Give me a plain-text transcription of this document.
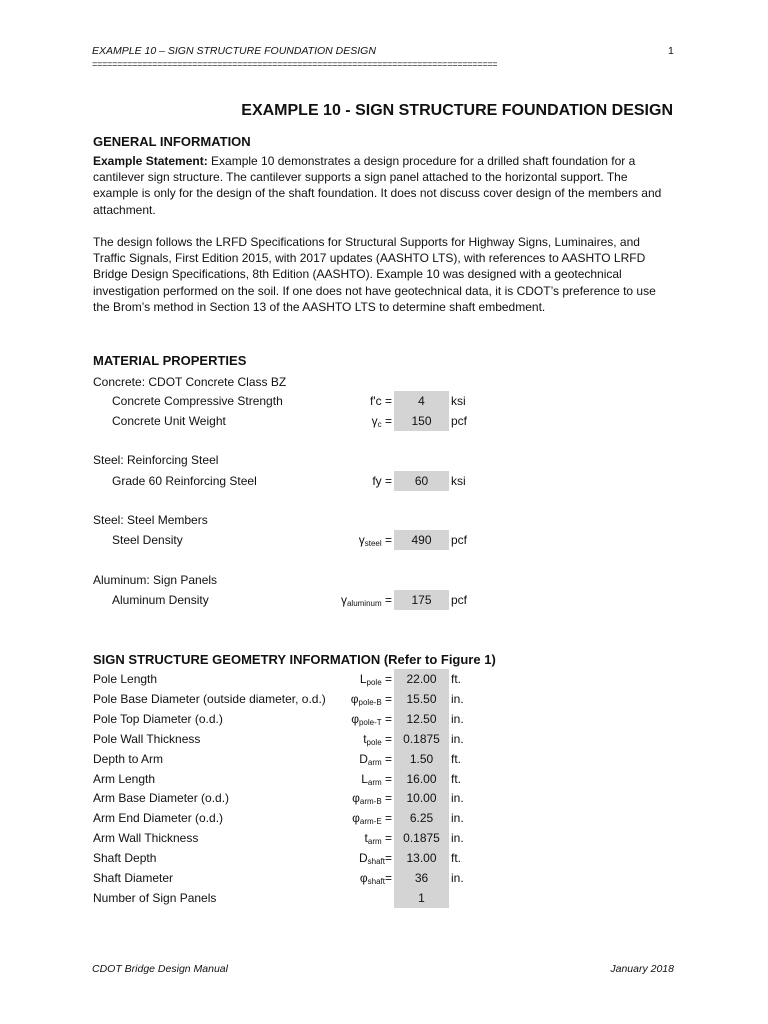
EXAMPLE 10 – SIGN STRUCTURE FOUNDATION DESIGN	1
=================================================================================
EXAMPLE 10 - SIGN STRUCTURE FOUNDATION DESIGN
GENERAL INFORMATION
Example Statement: Example 10 demonstrates a design procedure for a drilled shaft foundation for a cantilever sign structure. The cantilever supports a sign panel attached to the horizontal support. The example is only for the design of the shaft foundation. It does not discuss cover design of the members and attachment.
The design follows the LRFD Specifications for Structural Supports for Highway Signs, Luminaires, and Traffic Signals, First Edition 2015, with 2017 updates (AASHTO LTS), with references to AASHTO LRFD Bridge Design Specifications, 8th Edition (AASHTO). Example 10 was designed with a geotechnical investigation performed on the soil. If one does not have geotechnical data, it is CDOT’s preference to use the Brom’s method in Section 13 of the AASHTO LTS to determine shaft embedment.
MATERIAL PROPERTIES
Concrete: CDOT Concrete Class BZ
Steel: Reinforcing Steel
Steel: Steel Members
Aluminum: Sign Panels
Concrete Compressive Strength	f'c =	4	ksi
Concrete Unit Weight	$\gamma_c$ =	150	pcf
Grade 60 Reinforcing Steel	fy =	60	ksi
Steel Density	$\gamma_{steel}$ =	490	pcf
Aluminum Density	$\gamma_{aluminum}$ =	175	pcf
SIGN STRUCTURE GEOMETRY INFORMATION (Refer to Figure 1)
Pole Length	$L_{pole}$ =	22.00	ft.
Pole Base Diameter (outside diameter, o.d.) $\varphi_{pole-B}$ =	15.50	in.
Pole Top Diameter (o.d.)	$\varphi_{pole-T}$ =	12.50	in.
Pole Wall Thickness	$t_{pole} = 0.1875$ in.
Depth to Arm	$D_{arm}$ =	1.50	ft.
Arm Length	$L_{arm}$ =	16.00	ft.
Arm Base Diameter (o.d.)	$\varphi_{arm-B}$ =	10.00	in.
Arm End Diameter (o.d.)	$\varphi_{arm-E}$ =	6.25	in.
Arm Wall Thickness	$t_{arm} = 0.1875$ in.
Shaft Depth	$D_{shaft}=$	13.00	ft.
Shaft Diameter	$\varphi_{shaft}=$	36	in.
Number of Sign Panels	1
CDOT Bridge Design Manual	January 2018
